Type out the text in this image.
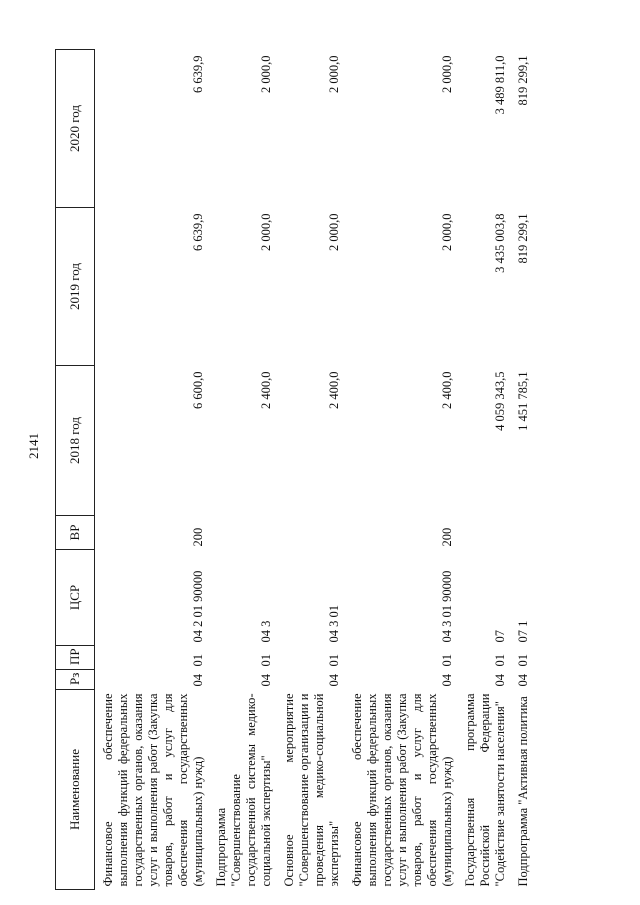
2141
Наименование	Рз	ПР	ЦСР	ВР	2018 год	2019 год	2020 год
Финансовое обеспечение выполнения функций федеральных государственных органов, оказания услуг и выполнения работ (Закупка товаров, работ и услуг для обеспечения государственных (муниципальных) нужд)	04	01	04 2 01 90000	200	6 600,0	6 639,9	6 639,9
Подпрограмма "Совершенствование государственной системы медико-социальной экспертизы"	04	01	04 3		2 400,0	2 000,0	2 000,0
Основное мероприятие "Совершенствование организации и проведения медико-социальной экспертизы"	04	01	04 3 01		2 400,0	2 000,0	2 000,0
Финансовое обеспечение выполнения функций федеральных государственных органов, оказания услуг и выполнения работ (Закупка товаров, работ и услуг для обеспечения государственных (муниципальных) нужд)	04	01	04 3 01 90000	200	2 400,0	2 000,0	2 000,0
Государственная программа Российской Федерации "Содействие занятости населения"	04	01	07		4 059 343,5	3 435 003,8	3 489 811,0
Подпрограмма "Активная политика	04	01	07 1		1 451 785,1	819 299,1	819 299,1
